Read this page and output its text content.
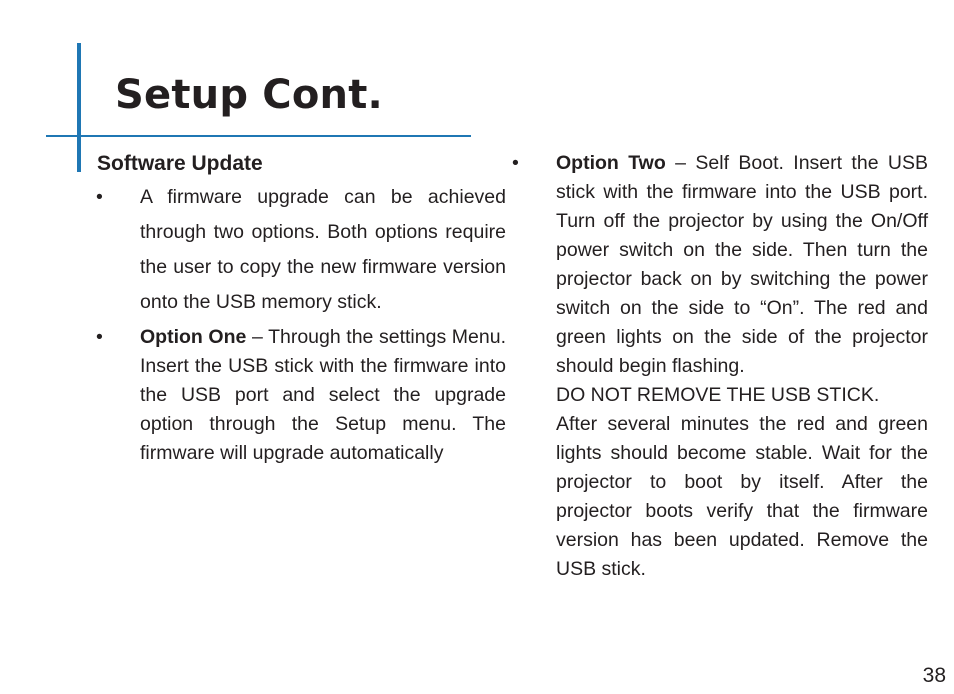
Setup Cont.
Software Update
• A firmware upgrade can be achieved through two options. Both options require the user to copy the new firmware version onto the USB memory stick.
• Option One – Through the settings Menu. Insert the USB stick with the firmware into the USB port and select the upgrade option through the Setup menu. The firmware will upgrade automatically
• Option Two – Self Boot. Insert the USB stick with the firmware into the USB port. Turn off the projector by using the On/Off power switch on the side. Then turn the projector back on by switching the power switch on the side to “On”. The red and green lights on the side of the projector should begin flashing.
DO NOT REMOVE THE USB STICK.
After several minutes the red and green lights should become stable. Wait for the projector to boot by itself. After the projector boots verify that the firmware version has been updated. Remove the USB stick.
38
